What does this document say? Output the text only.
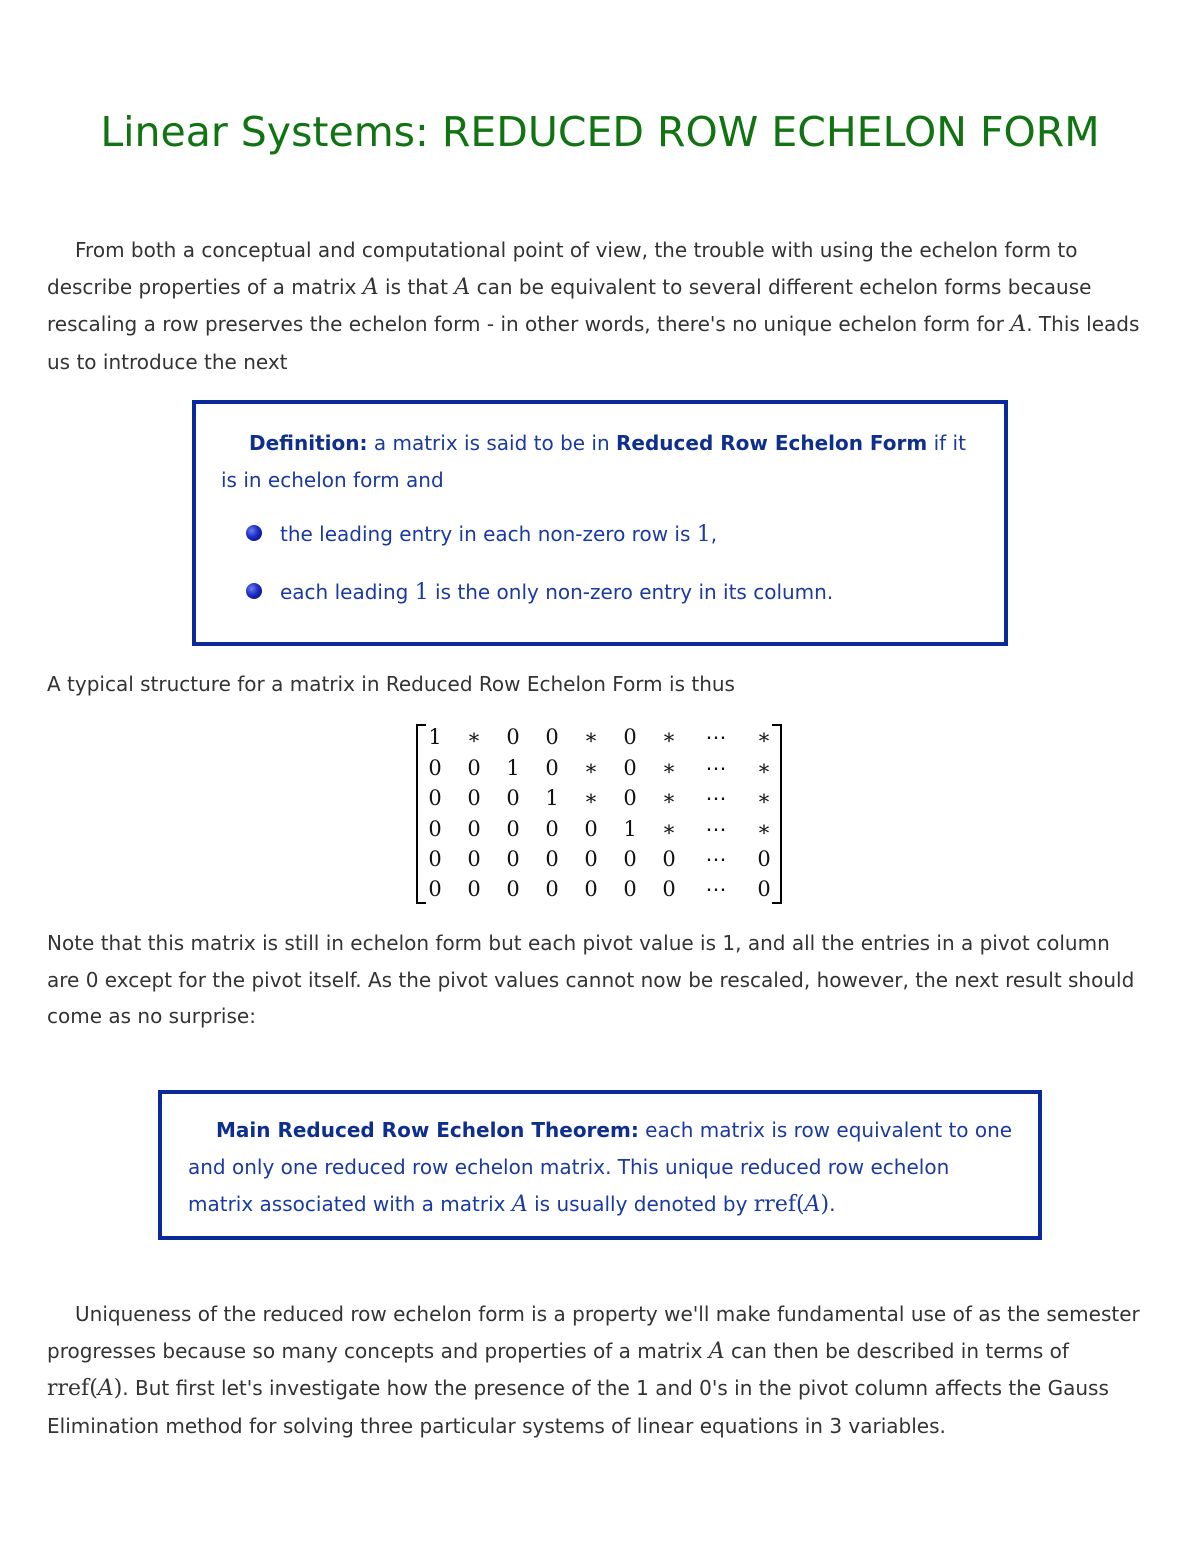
Linear Systems: REDUCED ROW ECHELON FORM

From both a conceptual and computational point of view, the trouble with using the echelon form to describe properties of a matrix A is that A can be equivalent to several different echelon forms because rescaling a row preserves the echelon form - in other words, there's no unique echelon form for A. This leads us to introduce the next

Definition: a matrix is said to be in Reduced Row Echelon Form if it is in echelon form and

the leading entry in each non-zero row is 1,
each leading 1 is the only non-zero entry in its column.

A typical structure for a matrix in Reduced Row Echelon Form is thus

1	∗	0	0	∗	0	∗	⋯	∗
0	0	1	0	∗	0	∗	⋯	∗
0	0	0	1	∗	0	∗	⋯	∗
0	0	0	0	0	1	∗	⋯	∗
0	0	0	0	0	0	0	⋯	0
0	0	0	0	0	0	0	⋯	0

Note that this matrix is still in echelon form but each pivot value is 1, and all the entries in a pivot column are 0 except for the pivot itself. As the pivot values cannot now be rescaled, however, the next result should come as no surprise:

Main Reduced Row Echelon Theorem: each matrix is row equivalent to one and only one reduced row echelon matrix. This unique reduced row echelon matrix associated with a matrix A is usually denoted by rref(A).

Uniqueness of the reduced row echelon form is a property we'll make fundamental use of as the semester progresses because so many concepts and properties of a matrix A can then be described in terms of rref(A). But first let's investigate how the presence of the 1 and 0's in the pivot column affects the Gauss Elimination method for solving three particular systems of linear equations in 3 variables.
